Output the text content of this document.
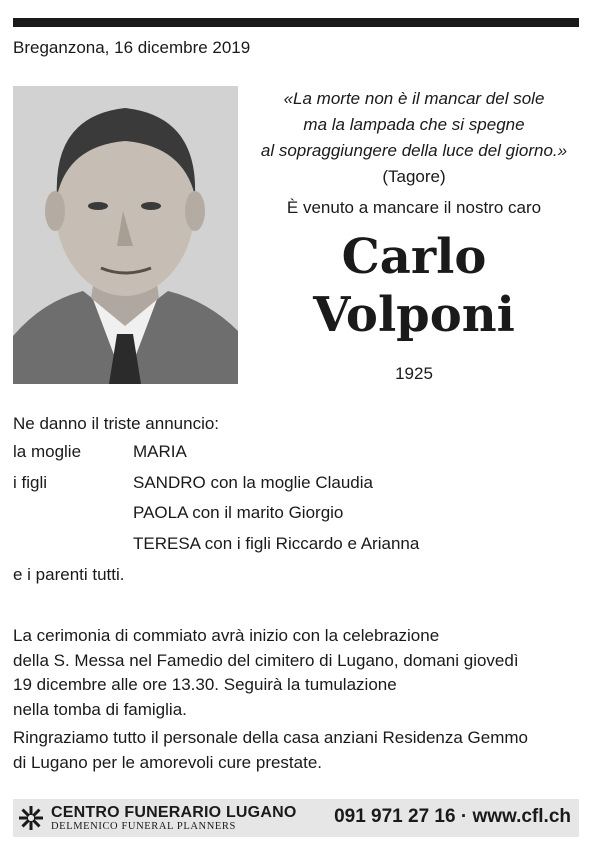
Breganzona, 16 dicembre 2019
«La morte non è il mancar del sole
ma la lampada che si spegne
al sopraggiungere della luce del giorno.»
(Tagore)
È venuto a mancare il nostro caro
Carlo
Volponi
1925
Ne danno il triste annuncio:
la moglie	MARIA
i figli	SANDRO con la moglie Claudia
PAOLA con il marito Giorgio
TERESA con i figli Riccardo e Arianna
e i parenti tutti.
La cerimonia di commiato avrà inizio con la celebrazione
della S. Messa nel Famedio del cimitero di Lugano, domani giovedì
19 dicembre alle ore 13.30. Seguirà la tumulazione
nella tomba di famiglia.
Ringraziamo tutto il personale della casa anziani Residenza Gemmo
di Lugano per le amorevoli cure prestate.
CENTRO FUNERARIO LUGANO
DELMENICO FUNERAL PLANNERS	091 971 27 16 · www.cfl.ch
